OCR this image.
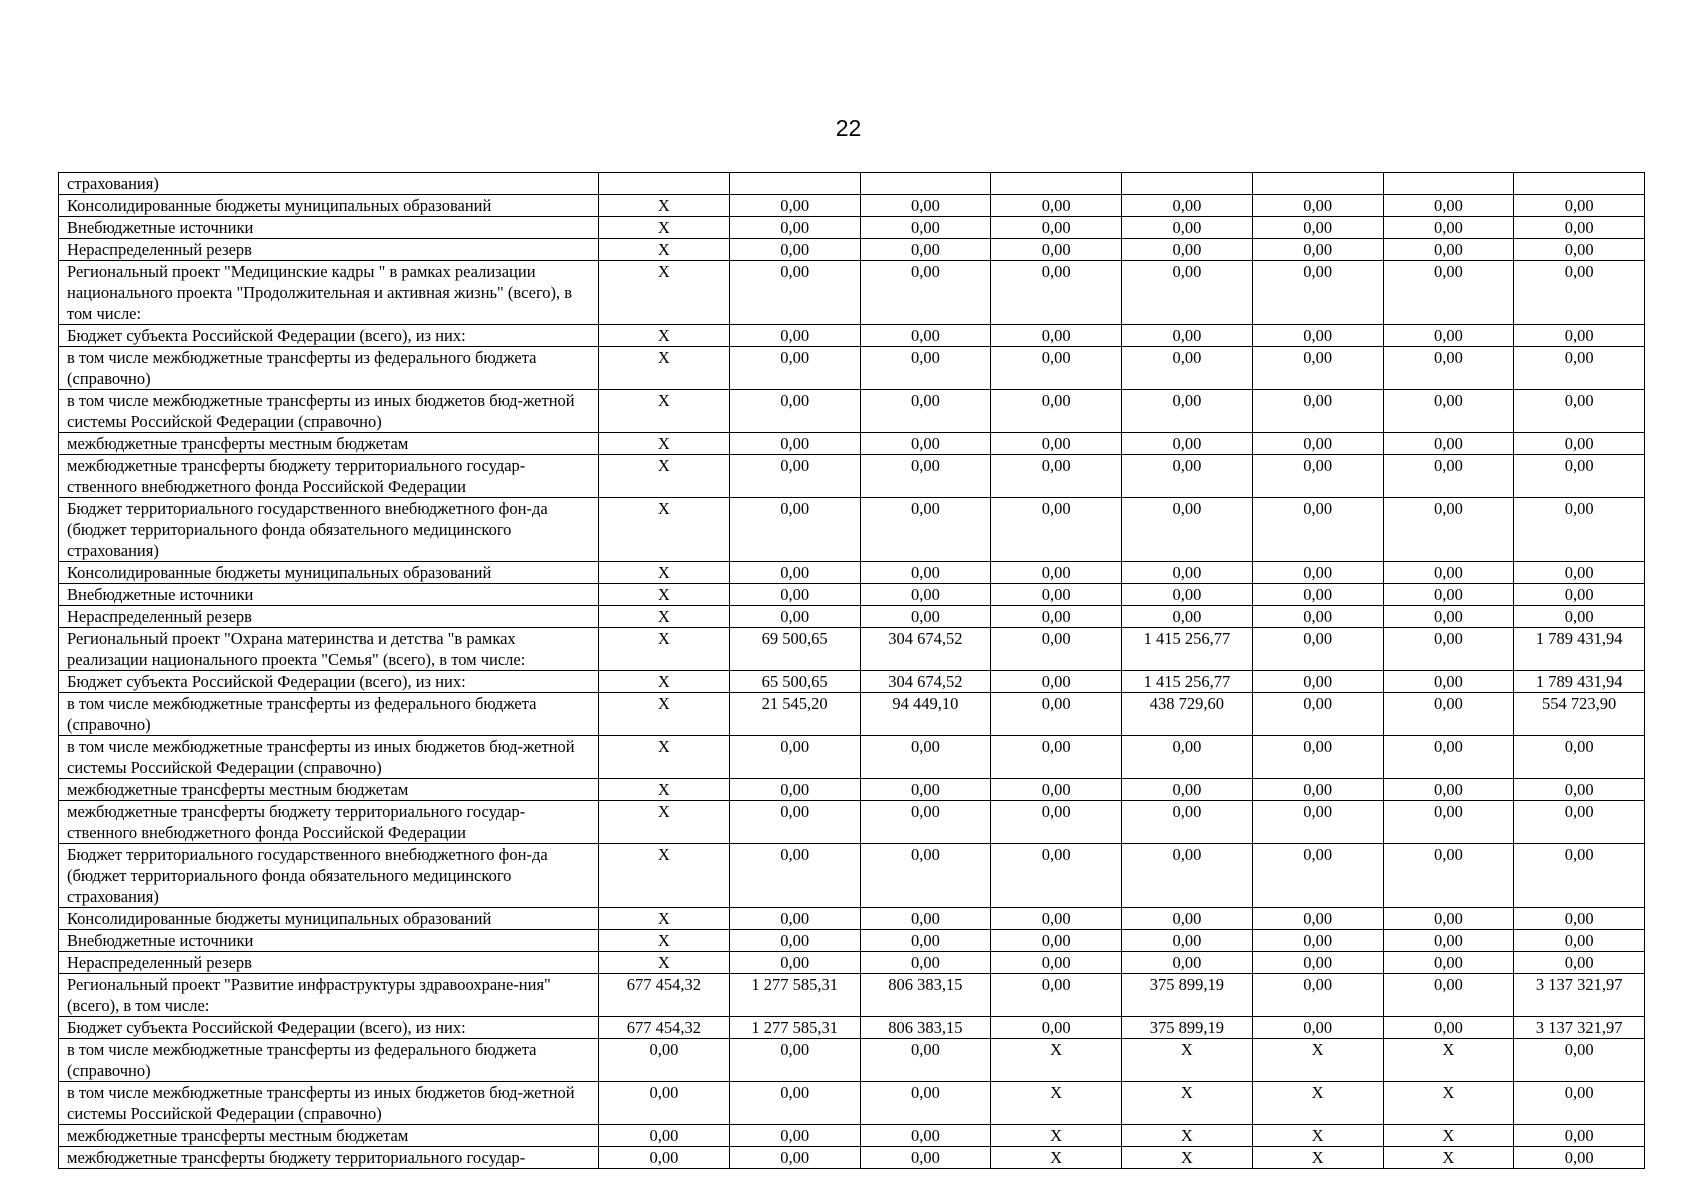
22
страхования)								
Консолидированные бюджеты муниципальных образований	X	0,00	0,00	0,00	0,00	0,00	0,00	0,00
Внебюджетные источники	X	0,00	0,00	0,00	0,00	0,00	0,00	0,00
Нераспределенный резерв	X	0,00	0,00	0,00	0,00	0,00	0,00	0,00
Региональный проект "Медицинские кадры " в рамках реализации национального проекта "Продолжительная и активная жизнь" (всего), в том числе:	X	0,00	0,00	0,00	0,00	0,00	0,00	0,00
Бюджет субъекта Российской Федерации (всего), из них:	X	0,00	0,00	0,00	0,00	0,00	0,00	0,00
в том числе межбюджетные трансферты из федерального бюджета (справочно)	X	0,00	0,00	0,00	0,00	0,00	0,00	0,00
в том числе межбюджетные трансферты из иных бюджетов бюд-жетной системы Российской Федерации (справочно)	X	0,00	0,00	0,00	0,00	0,00	0,00	0,00
межбюджетные трансферты местным бюджетам	X	0,00	0,00	0,00	0,00	0,00	0,00	0,00
межбюджетные трансферты бюджету территориального государ-ственного внебюджетного фонда Российской Федерации	X	0,00	0,00	0,00	0,00	0,00	0,00	0,00
Бюджет территориального государственного внебюджетного фон-да (бюджет территориального фонда обязательного медицинского страхования)	X	0,00	0,00	0,00	0,00	0,00	0,00	0,00
Консолидированные бюджеты муниципальных образований	X	0,00	0,00	0,00	0,00	0,00	0,00	0,00
Внебюджетные источники	X	0,00	0,00	0,00	0,00	0,00	0,00	0,00
Нераспределенный резерв	X	0,00	0,00	0,00	0,00	0,00	0,00	0,00
Региональный проект "Охрана материнства и детства "в рамках реализации национального проекта "Семья" (всего), в том числе:	X	69 500,65	304 674,52	0,00	1 415 256,77	0,00	0,00	1 789 431,94
Бюджет субъекта Российской Федерации (всего), из них:	X	65 500,65	304 674,52	0,00	1 415 256,77	0,00	0,00	1 789 431,94
в том числе межбюджетные трансферты из федерального бюджета (справочно)	X	21 545,20	94 449,10	0,00	438 729,60	0,00	0,00	554 723,90
в том числе межбюджетные трансферты из иных бюджетов бюд-жетной системы Российской Федерации (справочно)	X	0,00	0,00	0,00	0,00	0,00	0,00	0,00
межбюджетные трансферты местным бюджетам	X	0,00	0,00	0,00	0,00	0,00	0,00	0,00
межбюджетные трансферты бюджету территориального государ-ственного внебюджетного фонда Российской Федерации	X	0,00	0,00	0,00	0,00	0,00	0,00	0,00
Бюджет территориального государственного внебюджетного фон-да (бюджет территориального фонда обязательного медицинского страхования)	X	0,00	0,00	0,00	0,00	0,00	0,00	0,00
Консолидированные бюджеты муниципальных образований	X	0,00	0,00	0,00	0,00	0,00	0,00	0,00
Внебюджетные источники	X	0,00	0,00	0,00	0,00	0,00	0,00	0,00
Нераспределенный резерв	X	0,00	0,00	0,00	0,00	0,00	0,00	0,00
Региональный проект "Развитие инфраструктуры здравоохране-ния" (всего), в том числе:	677 454,32	1 277 585,31	806 383,15	0,00	375 899,19	0,00	0,00	3 137 321,97
Бюджет субъекта Российской Федерации (всего), из них:	677 454,32	1 277 585,31	806 383,15	0,00	375 899,19	0,00	0,00	3 137 321,97
в том числе межбюджетные трансферты из федерального бюджета (справочно)	0,00	0,00	0,00	X	X	X	X	0,00
в том числе межбюджетные трансферты из иных бюджетов бюд-жетной системы Российской Федерации (справочно)	0,00	0,00	0,00	X	X	X	X	0,00
межбюджетные трансферты местным бюджетам	0,00	0,00	0,00	X	X	X	X	0,00
межбюджетные трансферты бюджету территориального государ-	0,00	0,00	0,00	X	X	X	X	0,00
